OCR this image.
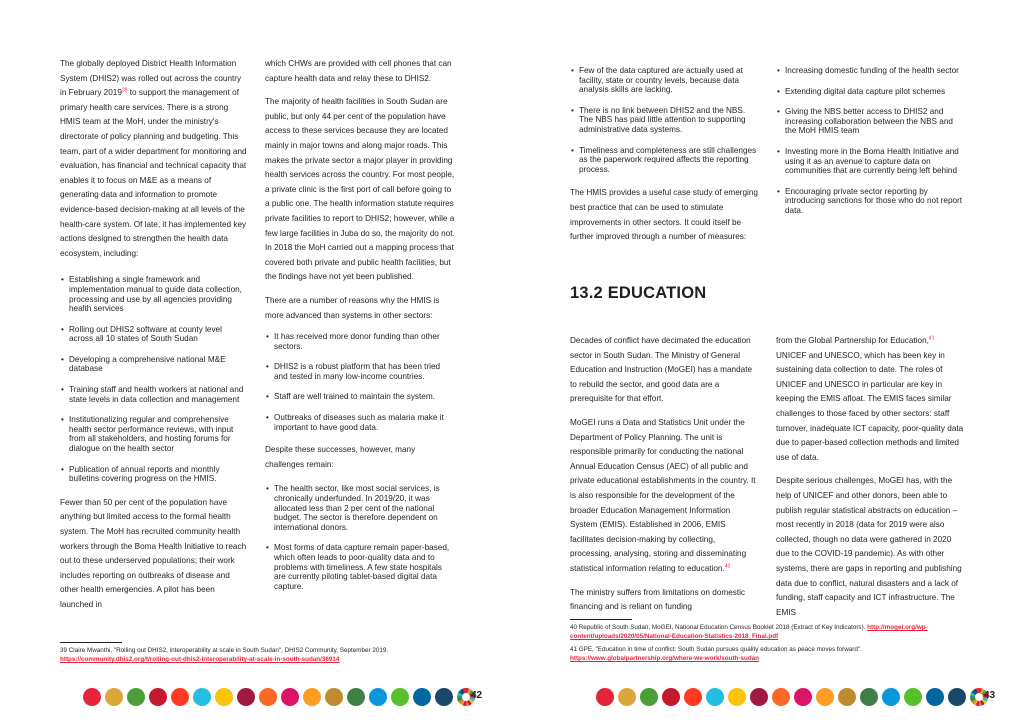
The globally deployed District Health Information System (DHIS2) was rolled out across the country in February 2019$^{39}$ to support the management of primary health care services. There is a strong HMIS team at the MoH, under the ministry's directorate of policy planning and budgeting. This team, part of a wider department for monitoring and evaluation, has financial and technical capacity that enables it to focus on M&E as a means of generating data and information to promote evidence-based decision-making at all levels of the health-care system. Of late, it has implemented key actions designed to strengthen the health data ecosystem, including:

• Establishing a single framework and implementation manual to guide data collection, processing and use by all agencies providing health services
• Rolling out DHIS2 software at county level across all 10 states of South Sudan
• Developing a comprehensive national M&E database
• Training staff and health workers at national and state levels in data collection and management
• Institutionalizing regular and comprehensive health sector performance reviews, with input from all stakeholders, and hosting forums for dialogue on the health sector
• Publication of annual reports and monthly bulletins covering progress on the HMIS.

Fewer than 50 per cent of the population have anything but limited access to the formal health system. The MoH has recruited community health workers through the Boma Health Initiative to reach out to these underserved populations; their work includes reporting on outbreaks of disease and other health emergencies. A pilot has been launched in

which CHWs are provided with cell phones that can capture health data and relay these to DHIS2.

The majority of health facilities in South Sudan are public, but only 44 per cent of the population have access to these services because they are located mainly in major towns and along major roads. This makes the private sector a major player in providing health services across the country. For most people, a private clinic is the first port of call before going to a public one. The health information statute requires private facilities to report to DHIS2; however, while a few large facilities in Juba do so, the majority do not. In 2018 the MoH carried out a mapping process that covered both private and public health facilities, but the findings have not yet been published.

There are a number of reasons why the HMIS is more advanced than systems in other sectors:

• It has received more donor funding than other sectors.
• DHIS2 is a robust platform that has been tried and tested in many low-income countries.
• Staff are well trained to maintain the system.
• Outbreaks of diseases such as malaria make it important to have good data.

Despite these successes, however, many challenges remain:

• The health sector, like most social services, is chronically underfunded. In 2019/20, it was allocated less than 2 per cent of the national budget. The sector is therefore dependent on international donors.
• Most forms of data capture remain paper-based, which often leads to poor-quality data and to problems with timeliness. A few state hospitals are currently piloting tablet-based digital data capture.
39 Claire Mwanthi, "Rolling out DHIS2, interoperability at scale in South Sudan", DHIS2 Community, September 2019. https://community.dhis2.org/t/rolling-out-dhis2-interoperability-at-scale-in-south-sudan/36914
• Few of the data captured are actually used at facility, state or country levels, because data analysis skills are lacking.
• There is no link between DHIS2 and the NBS. The NBS has paid little attention to supporting administrative data systems.
• Timeliness and completeness are still challenges as the paperwork required affects the reporting process.

The HMIS provides a useful case study of emerging best practice that can be used to stimulate improvements in other sectors. It could itself be further improved through a number of measures:

• Increasing domestic funding of the health sector
• Extending digital data capture pilot schemes
• Giving the NBS better access to DHIS2 and increasing collaboration between the NBS and the MoH HMIS team
• Investing more in the Boma Health Initiative and using it as an avenue to capture data on communities that are currently being left behind
• Encouraging private sector reporting by introducing sanctions for those who do not report data.
13.2 EDUCATION

Decades of conflict have decimated the education sector in South Sudan. The Ministry of General Education and Instruction (MoGEI) has a mandate to rebuild the sector, and good data are a prerequisite for that effort.

MoGEI runs a Data and Statistics Unit under the Department of Policy Planning. The unit is responsible primarily for conducting the national Annual Education Census (AEC) of all public and private educational establishments in the country. It is also responsible for the development of the broader Education Management Information System (EMIS). Established in 2006, EMIS facilitates decision-making by collecting, processing, analysing, storing and disseminating statistical information relating to education.$^{40}$

The ministry suffers from limitations on domestic financing and is reliant on funding

from the Global Partnership for Education,$^{41}$ UNICEF and UNESCO, which has been key in sustaining data collection to date. The roles of UNICEF and UNESCO in particular are key in keeping the EMIS afloat. The EMIS faces similar challenges to those faced by other sectors: staff turnover, inadequate ICT capacity, poor-quality data due to paper-based collection methods and limited use of data.

Despite serious challenges, MoGEI has, with the help of UNICEF and other donors, been able to publish regular statistical abstracts on education – most recently in 2018 (data for 2019 were also collected, though no data were gathered in 2020 due to the COVID-19 pandemic). As with other systems, there are gaps in reporting and publishing data due to conflict, natural disasters and a lack of funding, staff capacity and ICT infrastructure. The EMIS

40 Republic of South Sudan, MoGEI, National Education Census Booklet 2018 (Extract of Key Indicators). http://mogei.org/wp-content/uploads/2020/05/National-Education-Statistics-2018_Final.pdf
41 GPE, "Education in time of conflict: South Sudan pursues quality education as peace moves forward". https://www.globalpartnership.org/where-we-work/south-sudan
42	43
